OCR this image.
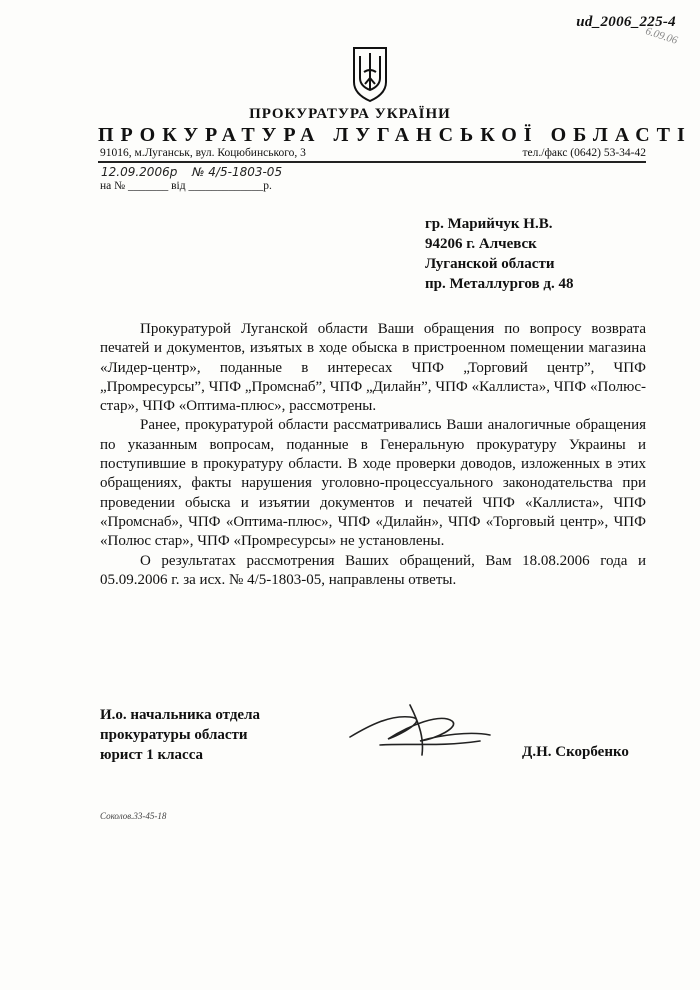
ud_2006_225-4
6.09.06
ПРОКУРАТУРА УКРАЇНИ
ПРОКУРАТУРА ЛУГАНСЬКОЇ ОБЛАСТІ
91016, м.Луганськ, вул. Коцюбинського, 3	тел./факс (0642) 53-34-42
12.09.2006р № 4/5-1803-05
на № _______ від _____________р.
гр. Марийчук Н.В.
94206 г. Алчевск
Луганской области
пр. Металлургов д. 48

Прокуратурой Луганской области Ваши обращения по вопросу возврата печатей и документов, изъятых в ходе обыска в пристроенном помещении магазина «Лидер-центр», поданные в интересах ЧПФ „Торговий центр”, ЧПФ „Промресурсы”, ЧПФ „Промснаб”, ЧПФ „Дилайн”, ЧПФ «Каллиста», ЧПФ «Полюс-стар», ЧПФ «Оптима-плюс», рассмотрены.

Ранее, прокуратурой области рассматривались Ваши аналогичные обращения по указанным вопросам, поданные в Генеральную прокуратуру Украины и поступившие в прокуратуру области. В ходе проверки доводов, изложенных в этих обращениях, факты нарушения уголовно-процессуального законодательства при проведении обыска и изъятии документов и печатей ЧПФ «Каллиста», ЧПФ «Промснаб», ЧПФ «Оптима-плюс», ЧПФ «Дилайн», ЧПФ «Торговый центр», ЧПФ «Полюс стар», ЧПФ «Промресурсы» не установлены.

О результатах рассмотрения Ваших обращений, Вам 18.08.2006 года и 05.09.2006 г. за исх. № 4/5-1803-05, направлены ответы.

И.о. начальника отдела
прокуратуры области
юрист 1 класса	Д.Н. Скорбенко
Соколов.33-45-18
